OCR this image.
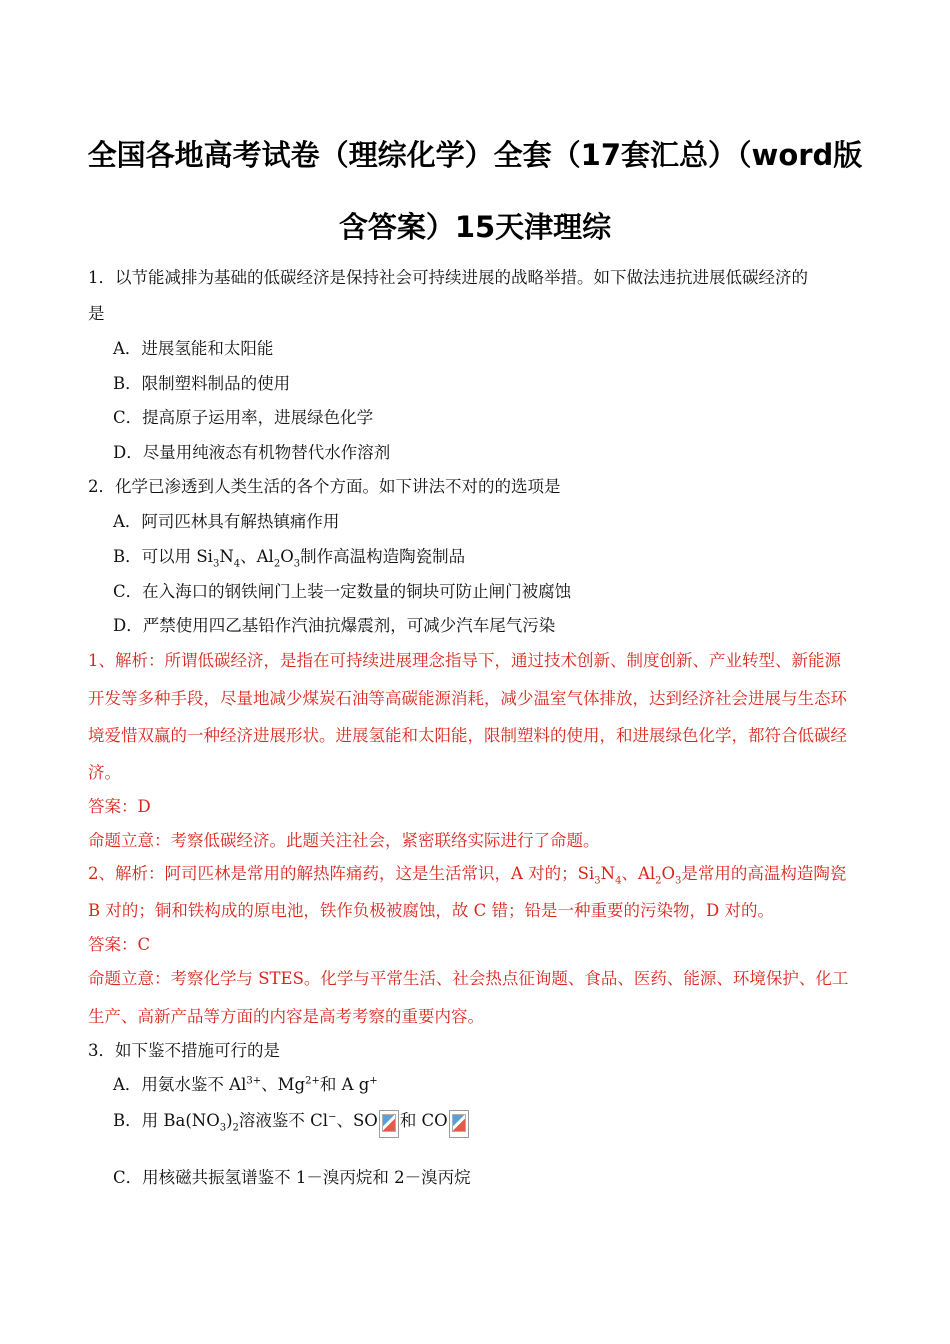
全国各地高考试卷（理综化学）全套（17套汇总）（word版
含答案）15天津理综
1．以节能减排为基础的低碳经济是保持社会可持续进展的战略举措。如下做法违抗进展低碳经济的
是
A．进展氢能和太阳能
B．限制塑料制品的使用
C．提高原子运用率，进展绿色化学
D．尽量用纯液态有机物替代水作溶剂
2．化学已渗透到人类生活的各个方面。如下讲法不对的的选项是
A．阿司匹林具有解热镇痛作用
B．可以用 $Si_3N_4$、$Al_2O_3$制作高温构造陶瓷制品
C．在入海口的钢铁闸门上装一定数量的铜块可防止闸门被腐蚀
D．严禁使用四乙基铅作汽油抗爆震剂，可减少汽车尾气污染
1、解析：所谓低碳经济，是指在可持续进展理念指导下，通过技术创新、制度创新、产业转型、新能源
开发等多种手段，尽量地减少煤炭石油等高碳能源消耗，减少温室气体排放，达到经济社会进展与生态环
境爱惜双赢的一种经济进展形状。进展氢能和太阳能，限制塑料的使用，和进展绿色化学，都符合低碳经
济。
答案：D
命题立意：考察低碳经济。此题关注社会，紧密联络实际进行了命题。
2、解析：阿司匹林是常用的解热阵痛药，这是生活常识，A 对的；$Si_3N_4$、$Al_2O_3$是常用的高温构造陶瓷
B 对的；铜和铁构成的原电池，铁作负极被腐蚀，故 C 错；铅是一种重要的污染物，D 对的。
答案：C
命题立意：考察化学与 STES。化学与平常生活、社会热点征询题、食品、医药、能源、环境保护、化工
生产、高新产品等方面的内容是高考考察的重要内容。
3．如下鉴不措施可行的是
A．用氨水鉴不 $Al^{3+}$、$Mg^{2+}$和 A g+
B．用 $Ba(NO_3)_2$溶液鉴不 Cl−、SO 和 CO
C．用核磁共振氢谱鉴不 1－溴丙烷和 2－溴丙烷
